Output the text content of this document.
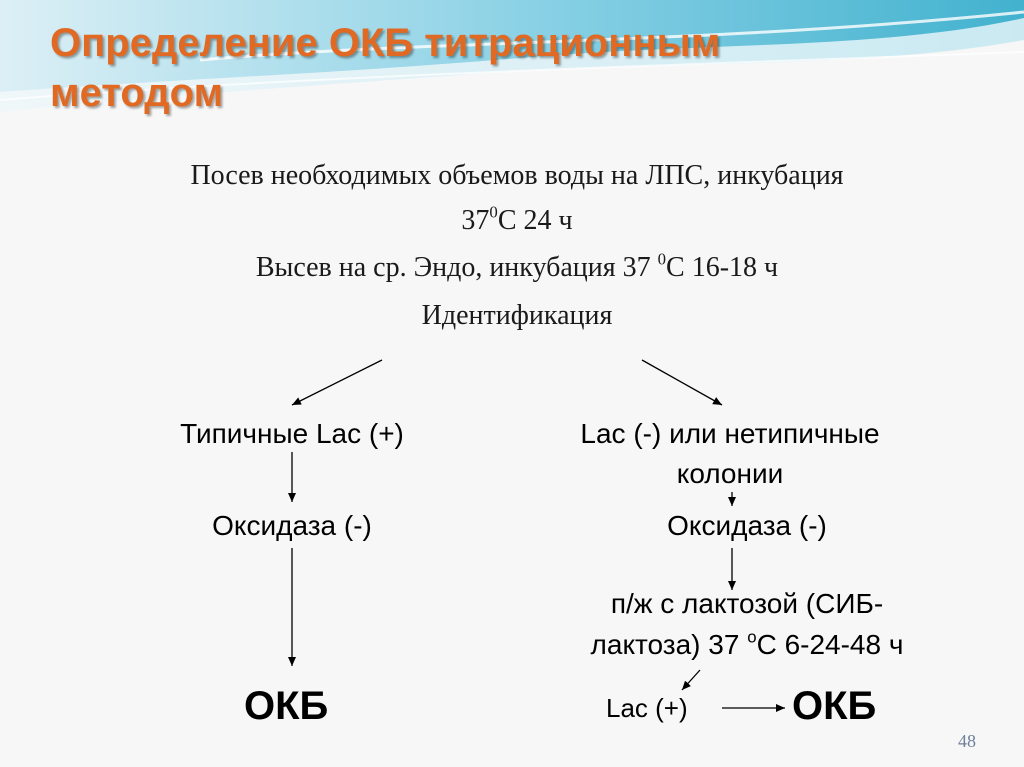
Определение ОКБ титрационным
методом
Посев необходимых объемов воды на ЛПС, инкубация
$37^0С$ 24 ч
Высев на ср. Эндо, инкубация 37 $^0$С 16-18 ч
Идентификация
Типичные Lac (+)
Оксидаза (-)
ОКБ
Lac (-) или нетипичные
колонии
Оксидаза (-)
п/ж с лактозой (СИБ-
лактоза) 37 $^о$С 6-24-48 ч
Lac (+)	ОКБ
48
